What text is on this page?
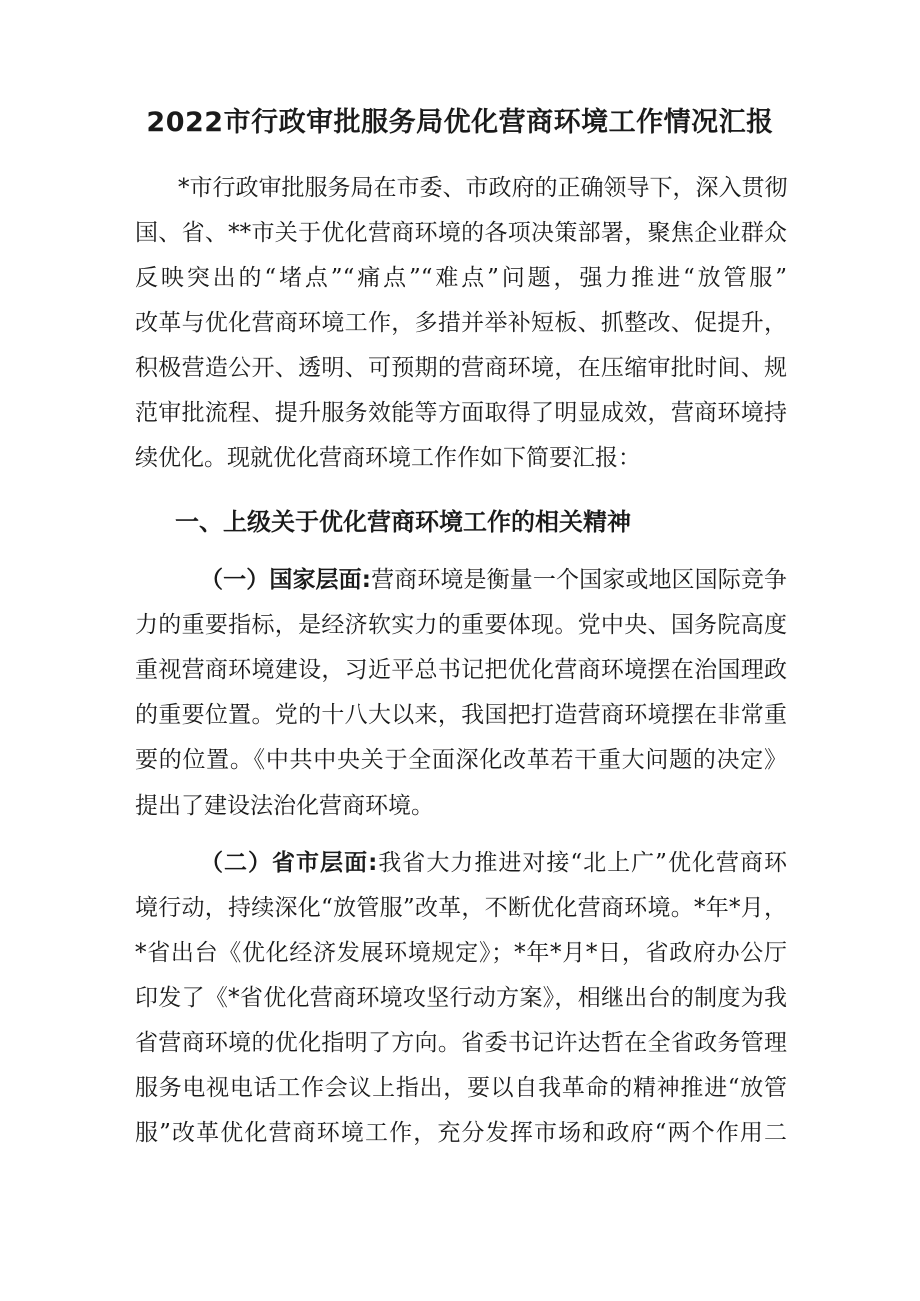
2022市行政审批服务局优化营商环境工作情况汇报
*市行政审批服务局在市委、市政府的正确领导下，深入贯彻
国、省、**市关于优化营商环境的各项决策部署，聚焦企业群众
反映突出的“堵点”“痛点”“难点”问题，强力推进“放管服”
改革与优化营商环境工作，多措并举补短板、抓整改、促提升，
积极营造公开、透明、可预期的营商环境，在压缩审批时间、规
范审批流程、提升服务效能等方面取得了明显成效，营商环境持
续优化。现就优化营商环境工作作如下简要汇报：
一、上级关于优化营商环境工作的相关精神
（一）国家层面:营商环境是衡量一个国家或地区国际竞争
力的重要指标，是经济软实力的重要体现。党中央、国务院高度
重视营商环境建设，习近平总书记把优化营商环境摆在治国理政
的重要位置。党的十八大以来，我国把打造营商环境摆在非常重
要的位置。《中共中央关于全面深化改革若干重大问题的决定》
提出了建设法治化营商环境。
（二）省市层面:我省大力推进对接“北上广”优化营商环
境行动，持续深化“放管服”改革，不断优化营商环境。*年*月，
*省出台《优化经济发展环境规定》；*年*月*日，省政府办公厅
印发了《*省优化营商环境攻坚行动方案》，相继出台的制度为我
省营商环境的优化指明了方向。省委书记许达哲在全省政务管理
服务电视电话工作会议上指出，要以自我革命的精神推进“放管
服”改革优化营商环境工作，充分发挥市场和政府“两个作用二
